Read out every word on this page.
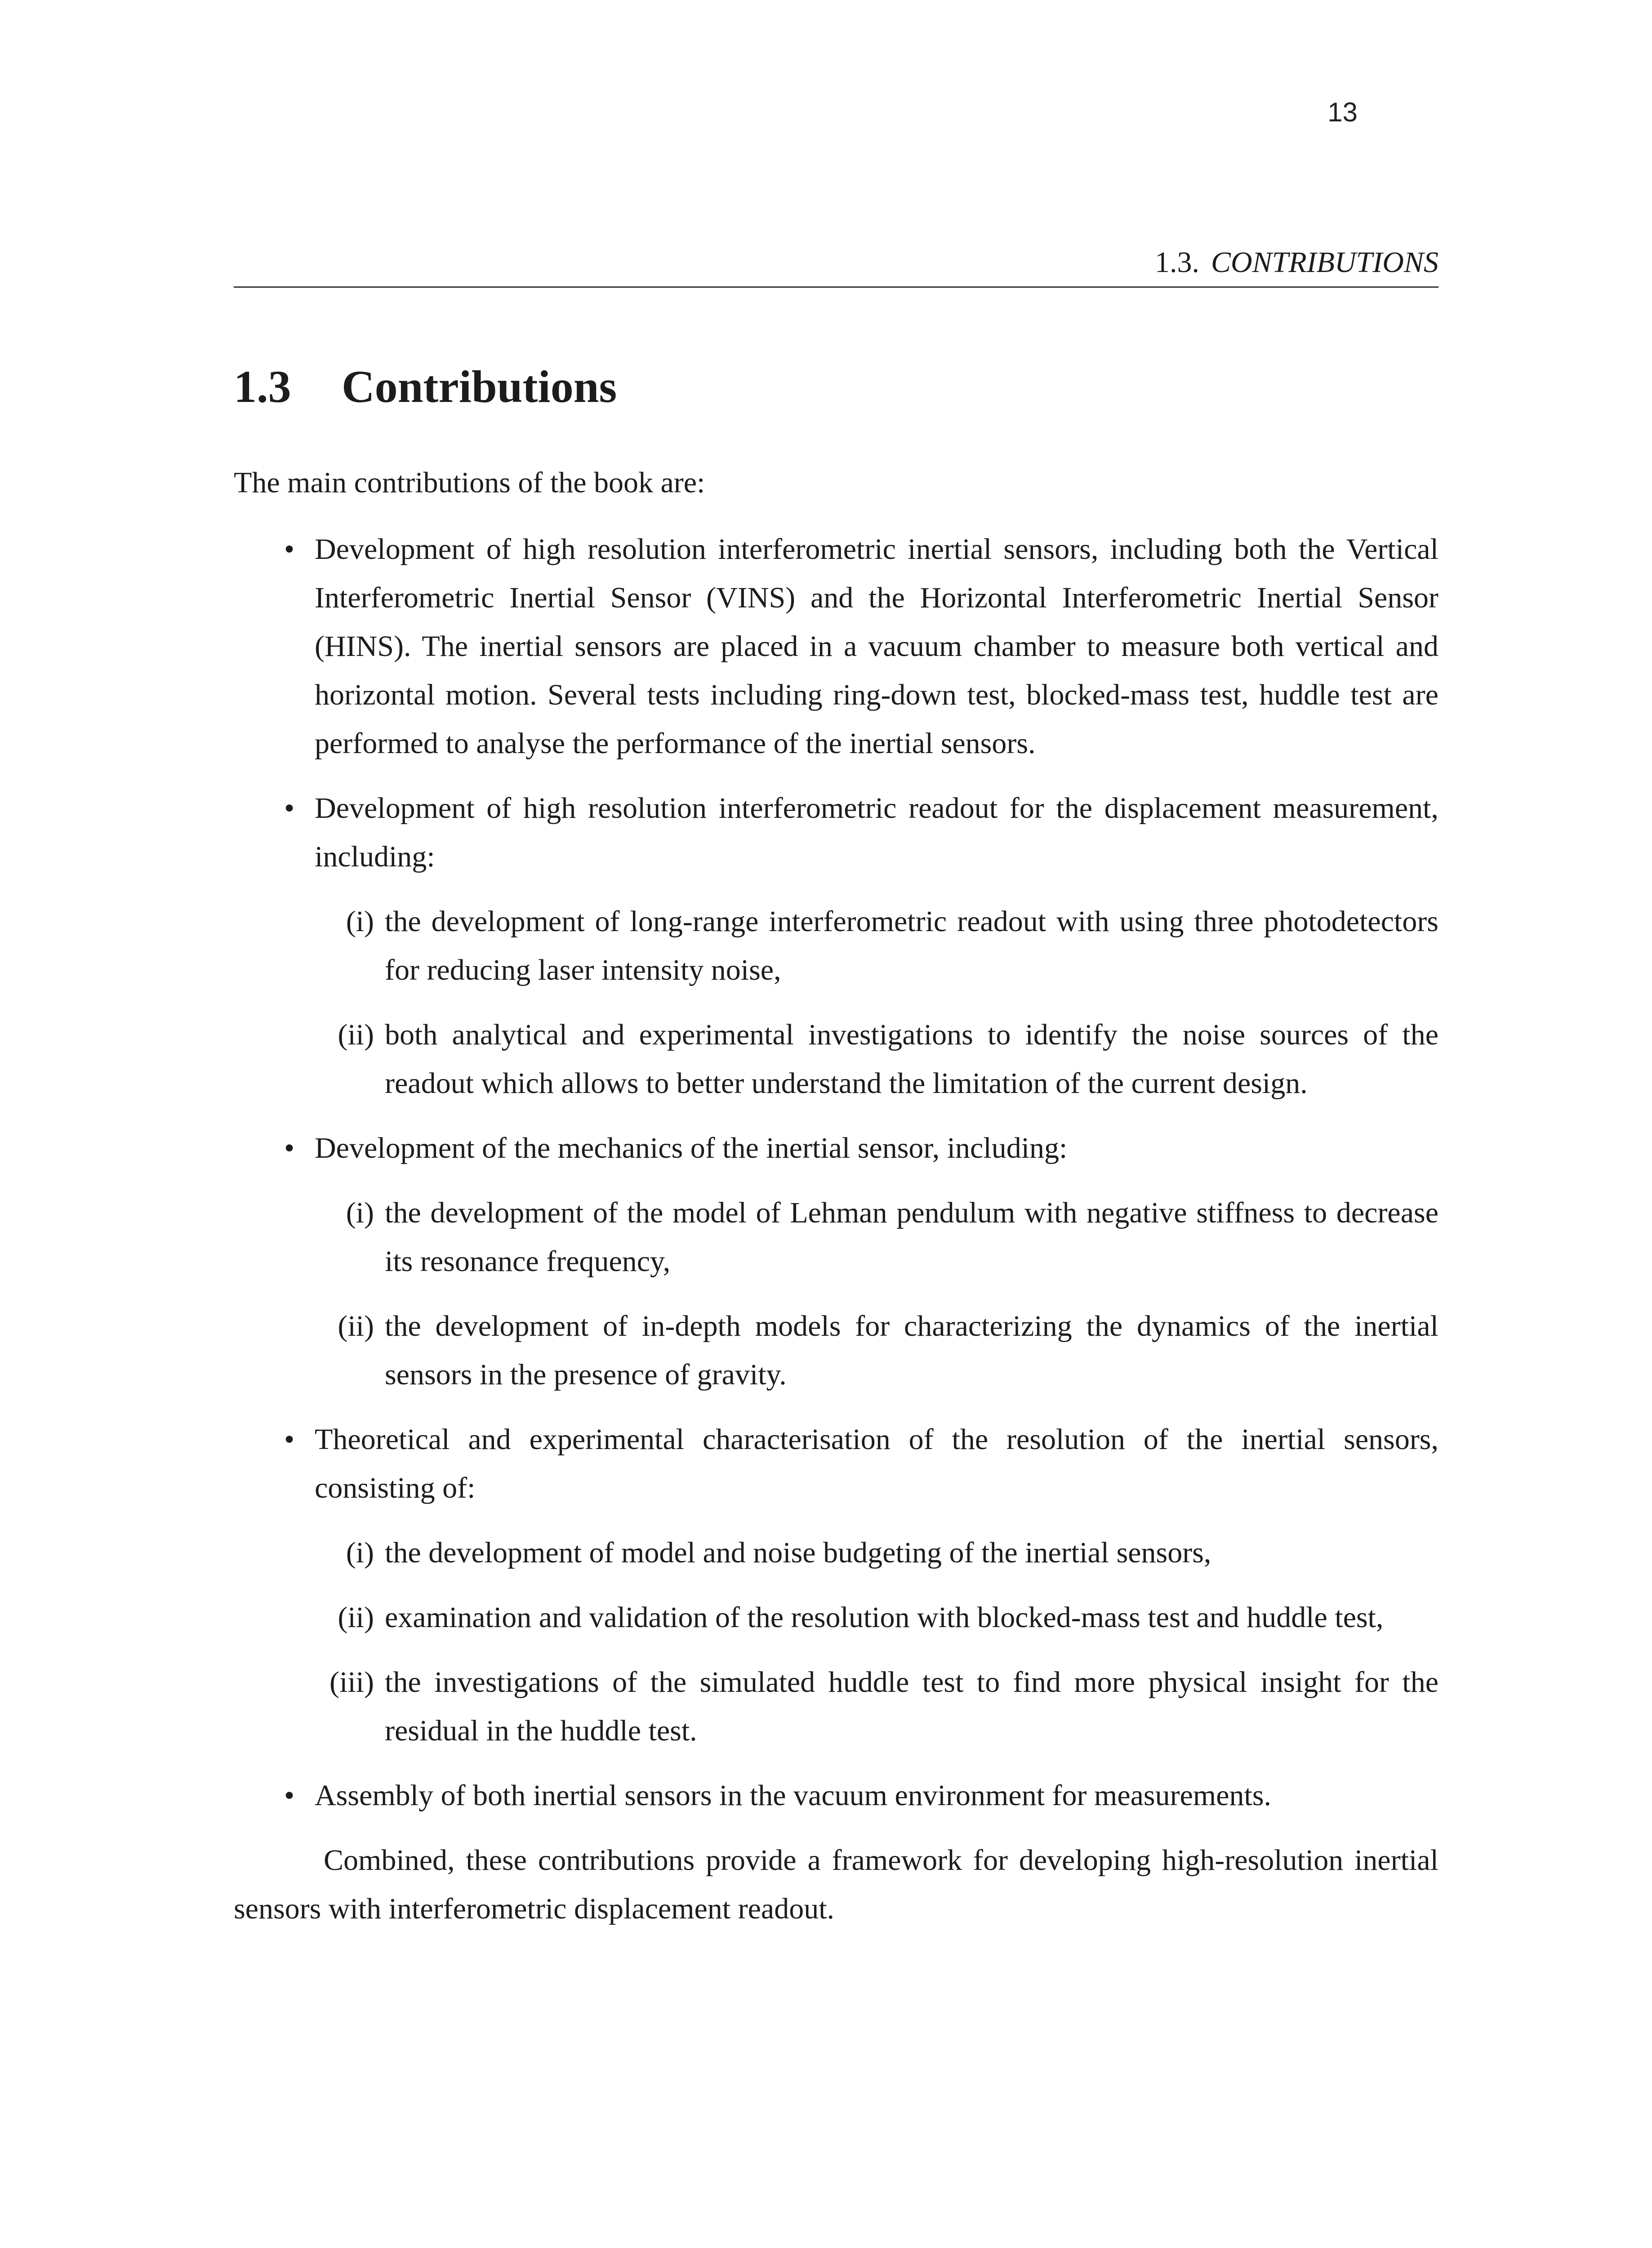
13
1.3. CONTRIBUTIONS
1.3 Contributions

The main contributions of the book are:

• Development of high resolution interferometric inertial sensors, including both the Vertical Interferometric Inertial Sensor (VINS) and the Horizontal Interferometric Inertial Sensor (HINS). The inertial sensors are placed in a vacuum chamber to measure both vertical and horizontal motion. Several tests including ring-down test, blocked-mass test, huddle test are performed to analyse the performance of the inertial sensors.
• Development of high resolution interferometric readout for the displacement measurement, including:
(i) the development of long-range interferometric readout with using three photodetectors for reducing laser intensity noise,
(ii) both analytical and experimental investigations to identify the noise sources of the readout which allows to better understand the limitation of the current design.
• Development of the mechanics of the inertial sensor, including:
(i) the development of the model of Lehman pendulum with negative stiffness to decrease its resonance frequency,
(ii) the development of in-depth models for characterizing the dynamics of the inertial sensors in the presence of gravity.
• Theoretical and experimental characterisation of the resolution of the inertial sensors, consisting of:
(i) the development of model and noise budgeting of the inertial sensors,
(ii) examination and validation of the resolution with blocked-mass test and huddle test,
(iii) the investigations of the simulated huddle test to find more physical insight for the residual in the huddle test.
• Assembly of both inertial sensors in the vacuum environment for measurements.

Combined, these contributions provide a framework for developing high-resolution inertial sensors with interferometric displacement readout.
